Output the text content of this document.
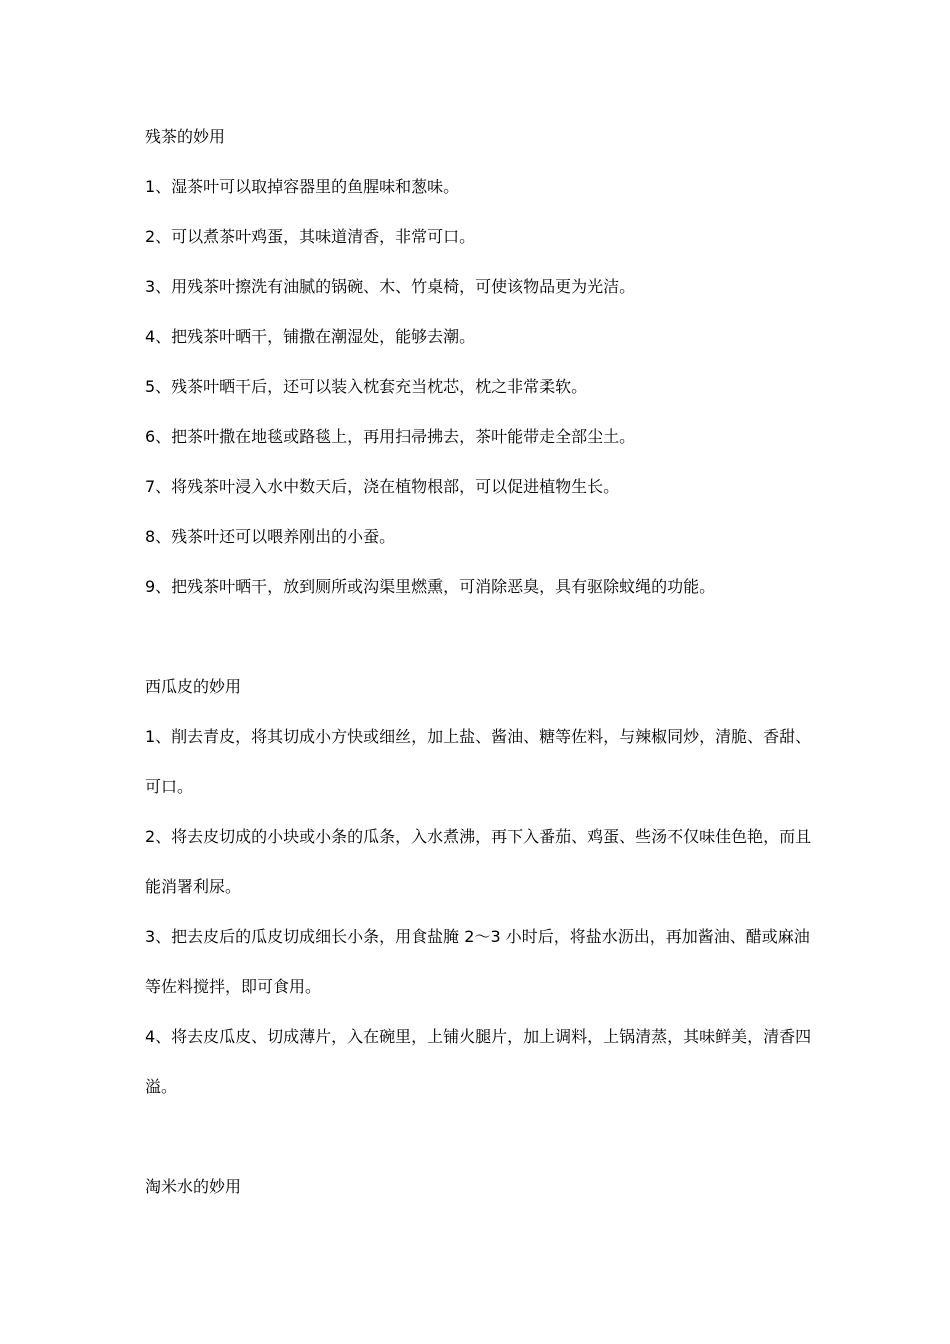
残茶的妙用

1、湿茶叶可以取掉容器里的鱼腥味和葱味。

2、可以煮茶叶鸡蛋，其味道清香，非常可口。

3、用残茶叶擦洗有油腻的锅碗、木、竹桌椅，可使该物品更为光洁。

4、把残茶叶晒干，铺撒在潮湿处，能够去潮。

5、残茶叶晒干后，还可以装入枕套充当枕芯，枕之非常柔软。

6、把茶叶撒在地毯或路毯上，再用扫帚拂去，茶叶能带走全部尘土。

7、将残茶叶浸入水中数天后，浇在植物根部，可以促进植物生长。

8、残茶叶还可以喂养刚出的小蚕。

9、把残茶叶晒干，放到厕所或沟渠里燃熏，可消除恶臭，具有驱除蚊绳的功能。

西瓜皮的妙用

1、削去青皮，将其切成小方快或细丝，加上盐、酱油、糖等佐料，与辣椒同炒，清脆、香甜、可口。

2、将去皮切成的小块或小条的瓜条，入水煮沸，再下入番茄、鸡蛋、些汤不仅味佳色艳，而且能消署利尿。

3、把去皮后的瓜皮切成细长小条，用食盐腌 2～3 小时后，将盐水沥出，再加酱油、醋或麻油等佐料搅拌，即可食用。

4、将去皮瓜皮、切成薄片，入在碗里，上铺火腿片，加上调料，上锅清蒸，其味鲜美，清香四溢。

淘米水的妙用
